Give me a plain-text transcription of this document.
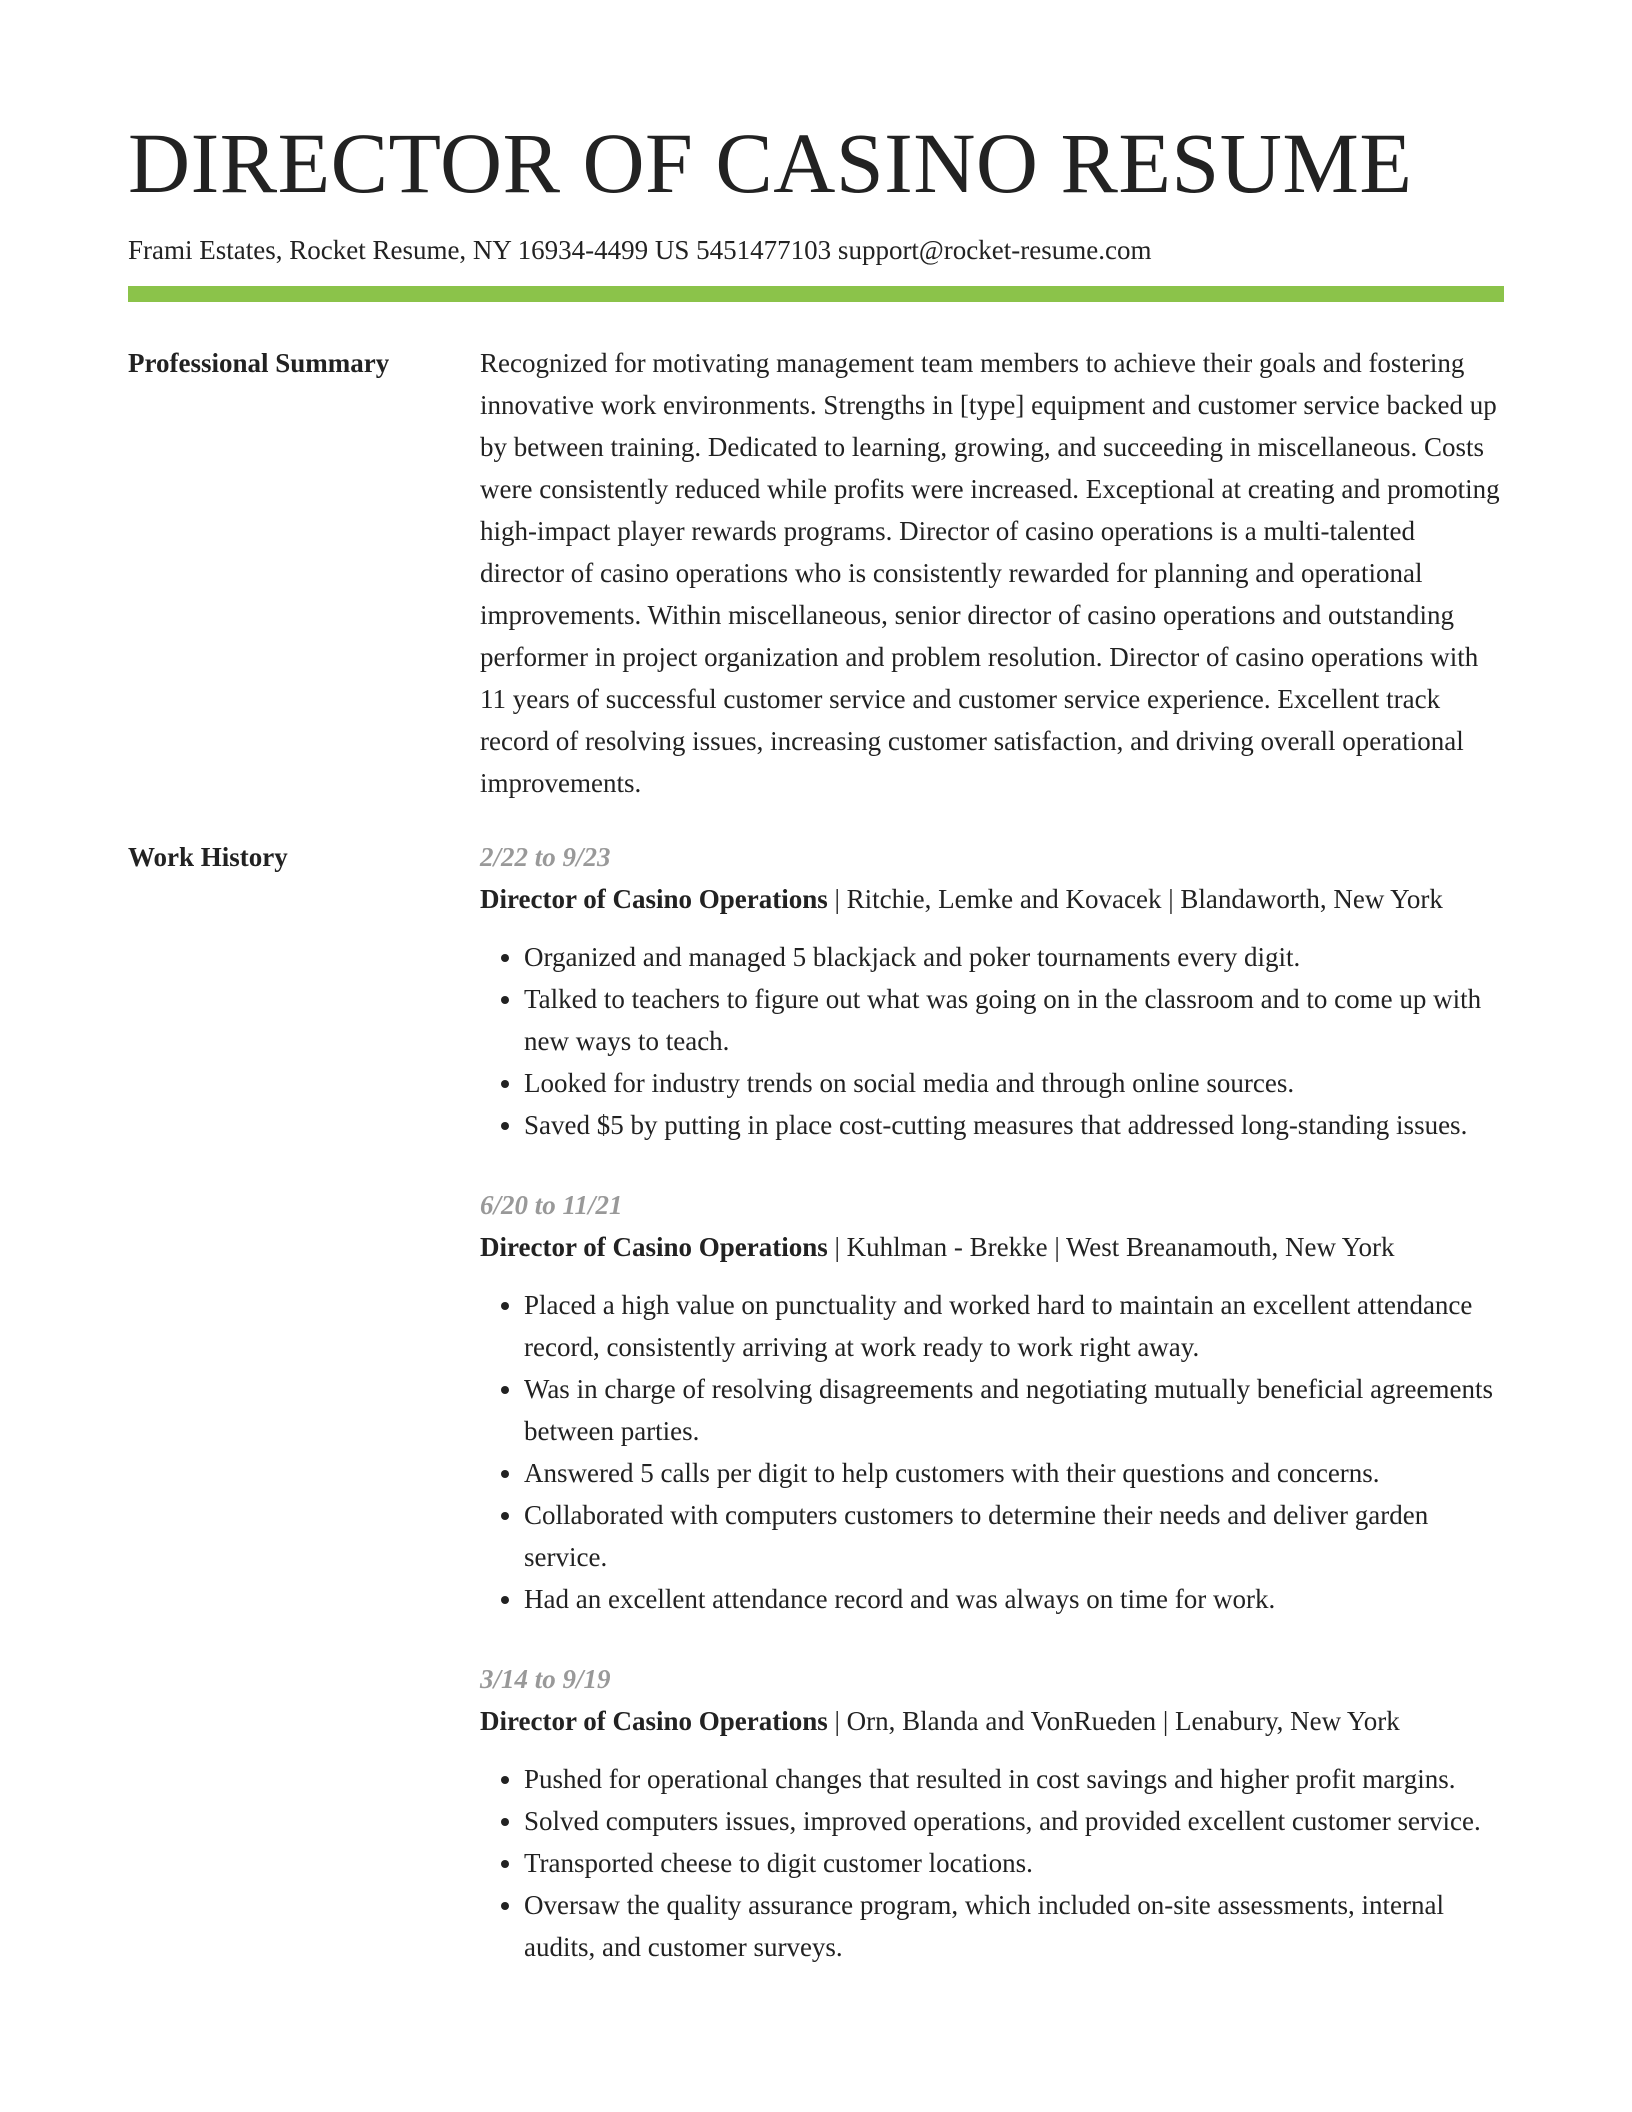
DIRECTOR OF CASINO RESUME
Frami Estates, Rocket Resume, NY 16934-4499 US 5451477103 support@rocket-resume.com
Professional Summary	Recognized for motivating management team members to achieve their goals and fostering innovative work environments. Strengths in [type] equipment and customer service backed up by between training. Dedicated to learning, growing, and succeeding in miscellaneous. Costs were consistently reduced while profits were increased. Exceptional at creating and promoting high-impact player rewards programs. Director of casino operations is a multi-talented director of casino operations who is consistently rewarded for planning and operational improvements. Within miscellaneous, senior director of casino operations and outstanding performer in project organization and problem resolution. Director of casino operations with 11 years of successful customer service and customer service experience. Excellent track record of resolving issues, increasing customer satisfaction, and driving overall operational improvements.

Work History	2/22 to 9/23
Director of Casino Operations | Ritchie, Lemke and Kovacek | Blandaworth, New York
• Organized and managed 5 blackjack and poker tournaments every digit.
• Talked to teachers to figure out what was going on in the classroom and to come up with new ways to teach.
• Looked for industry trends on social media and through online sources.
• Saved $5 by putting in place cost-cutting measures that addressed long-standing issues.
6/20 to 11/21
Director of Casino Operations | Kuhlman - Brekke | West Breanamouth, New York
• Placed a high value on punctuality and worked hard to maintain an excellent attendance record, consistently arriving at work ready to work right away.
• Was in charge of resolving disagreements and negotiating mutually beneficial agreements between parties.
• Answered 5 calls per digit to help customers with their questions and concerns.
• Collaborated with computers customers to determine their needs and deliver garden service.
• Had an excellent attendance record and was always on time for work.
3/14 to 9/19
Director of Casino Operations | Orn, Blanda and VonRueden | Lenabury, New York
• Pushed for operational changes that resulted in cost savings and higher profit margins.
• Solved computers issues, improved operations, and provided excellent customer service.
• Transported cheese to digit customer locations.
• Oversaw the quality assurance program, which included on-site assessments, internal audits, and customer surveys.
